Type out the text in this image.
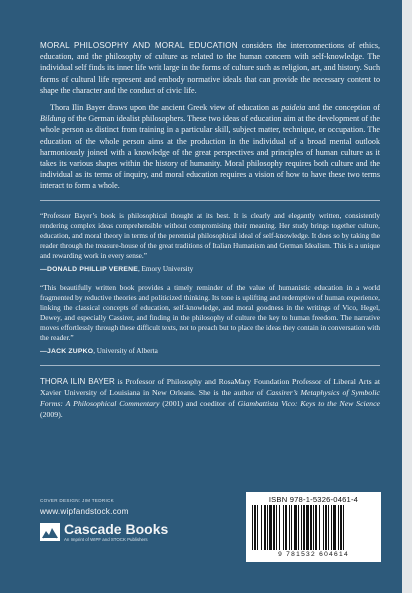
MORAL PHILOSOPHY AND MORAL EDUCATION considers the interconnections of ethics, education, and the philosophy of culture as related to the human concern with self-knowledge. The individual self finds its inner life writ large in the forms of culture such as religion, art, and history. Such forms of cultural life represent and embody normative ideals that can provide the necessary content to shape the character and the conduct of civic life.

Thora Ilin Bayer draws upon the ancient Greek view of education as paideia and the conception of Bildung of the German idealist philosophers. These two ideas of education aim at the development of the whole person as distinct from training in a particular skill, subject matter, technique, or occupation. The education of the whole person aims at the production in the individual of a broad mental outlook harmoniously joined with a knowledge of the great perspectives and principles of human culture as it takes its various shapes within the history of humanity. Moral philosophy requires both culture and the individual as its terms of inquiry, and moral education requires a vision of how to have these two terms interact to form a whole.

“Professor Bayer’s book is philosophical thought at its best. It is clearly and elegantly written, consistently rendering complex ideas comprehensible without compromising their meaning. Her study brings together culture, education, and moral theory in terms of the perennial philosophical ideal of self-knowledge. It does so by taking the reader through the treasure-house of the great traditions of Italian Humanism and German Idealism. This is a unique and rewarding work in every sense.”

—DONALD PHILLIP VERENE, Emory University

“This beautifully written book provides a timely reminder of the value of humanistic education in a world fragmented by reductive theories and politicized thinking. Its tone is uplifting and redemptive of human experience, linking the classical concepts of education, self-knowledge, and moral goodness in the writings of Vico, Hegel, Dewey, and especially Cassirer, and finding in the philosophy of culture the key to human freedom. The narrative moves effortlessly through these difficult texts, not to preach but to place the ideas they contain in conversation with the reader.”

—JACK ZUPKO, University of Alberta

THORA ILIN BAYER is Professor of Philosophy and RosaMary Foundation Professor of Liberal Arts at Xavier University of Louisiana in New Orleans. She is the author of Cassirer’s Metaphysics of Symbolic Forms: A Philosophical Commentary (2001) and coeditor of Giambattista Vico: Keys to the New Science (2009).

COVER DESIGN: JIM TEDRICK
www.wipfandstock.com
Cascade Books
An Imprint of WIPF and STOCK Publishers
ISBN 978-1-5326-0461-4
9 781532 604614
